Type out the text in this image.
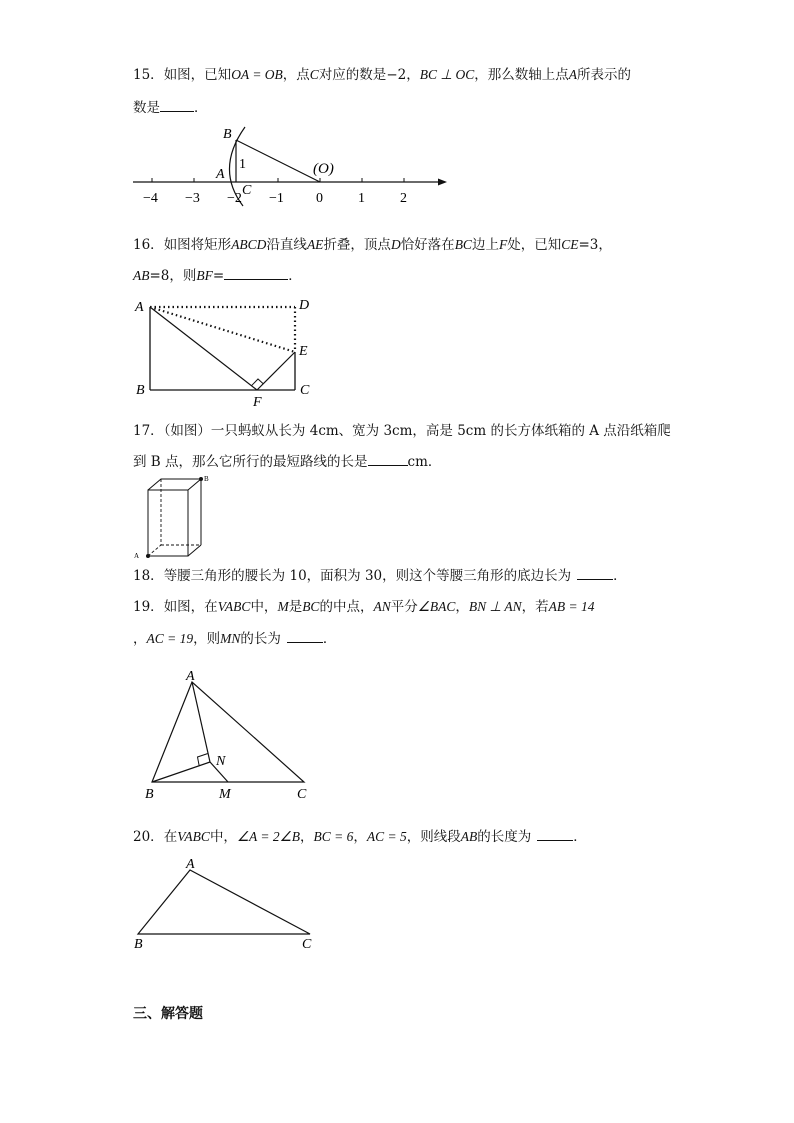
15．如图，已知OA = OB，点C对应的数是−2，BC ⊥ OC，那么数轴上点A所表示的
数是	．
B
A
C
1	(O)
−4 −3 −2 −1 0	1	2
16．如图将矩形ABCD沿直线AE折叠，顶点D恰好落在BC边上F处，已知CE=3，
AB=8，则BF=	．
A	D
E
B
F
C
17．（如图）一只蚂蚁从长为 4cm、宽为 3cm，高是 5cm 的长方体纸箱的 A 点沿纸箱爬
到 B 点，那么它所行的最短路线的长是	cm．
A
B
18．等腰三角形的腰长为 10，面积为 30，则这个等腰三角形的底边长为	．
19．如图，在VABC中，M是BC的中点，AN平分∠BAC，BN ⊥ AN，若AB = 14
，AC = 19，则MN的长为	．
A
N
B	M	C
20．在VABC中，∠A = 2∠B，BC = 6，AC = 5，则线段AB的长度为	．
A
B	C
三、解答题
